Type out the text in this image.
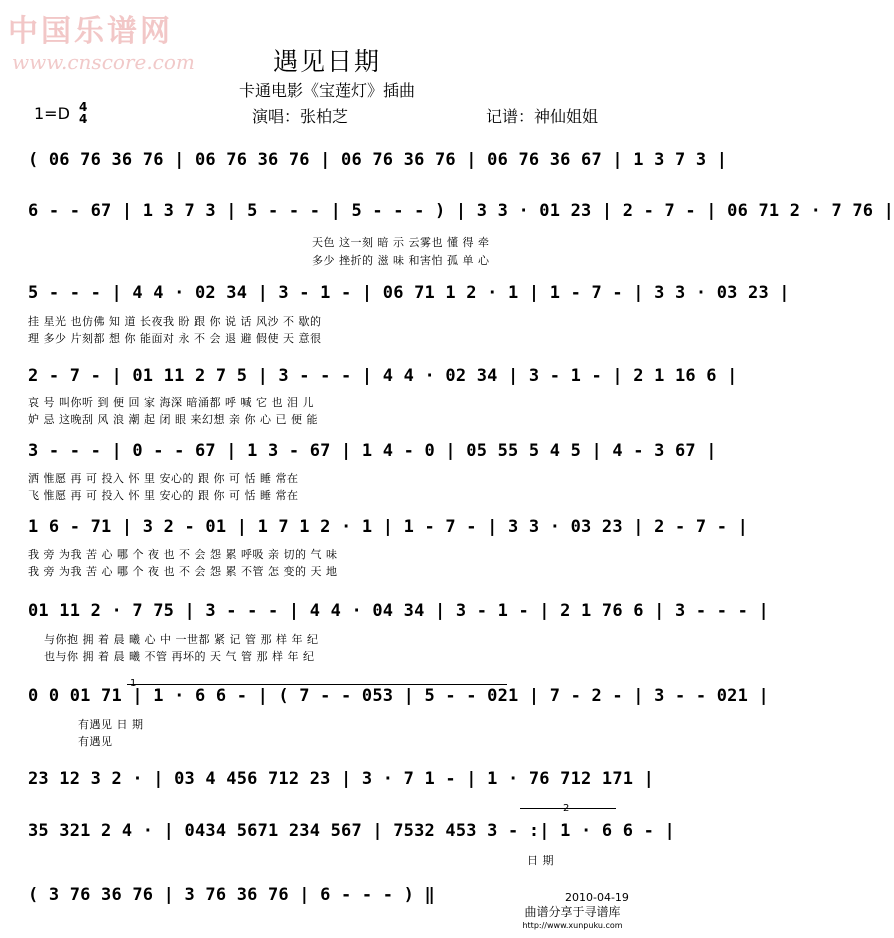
中国乐谱网
www.cnscore.com	遇见日期
卡通电影《宝莲灯》插曲
1=D 4
4	演唱：张柏芝	记谱：神仙姐姐
( 06 76 36 76 | 06 76 36 76 | 06 76 36 76 | 06 76 36 67 | 1 3 7 3 |
6 - - 67 | 1 3 7 3 | 5 - - - | 5 - - - ) | 3 3 · 01 23 | 2 - 7 - | 06 71 2 · 7 76 |
天色 这一刻 暗 示 云雾也 懂 得 牵
多少 挫折的 滋 味 和害怕 孤 单 心
5 - - - | 4 4 · 02 34 | 3 - 1 - | 06 71 1 2 · 1 | 1 - 7 - | 3 3 · 03 23 |
挂 星光 也仿佛 知 道 长夜我 盼 跟 你 说 话 风沙 不 歇的
理 多少 片刻都 想 你 能面对 永 不 会 退 避 假使 天 意很
2 - 7 - | 01 11 2 7 5 | 3 - - - | 4 4 · 02 34 | 3 - 1 - | 2 1 16 6 |
哀 号 叫你听 到 便 回 家 海深 暗涌都 呼 喊 它 也 泪 儿
妒 忌 这晚刮 风 浪 潮 起 闭 眼 来幻想 亲 你 心 已 便 能
3 - - - | 0 - - 67 | 1 3 - 67 | 1 4 - 0 | 05 55 5 4 5 | 4 - 3 67 |
洒 惟愿 再 可 投入 怀 里 安心的 跟 你 可 恬 睡 常在
飞 惟愿 再 可 投入 怀 里 安心的 跟 你 可 恬 睡 常在
1 6 - 71 | 3 2 - 01 | 1 7 1 2 · 1 | 1 - 7 - | 3 3 · 03 23 | 2 - 7 - |
我 旁 为我 苦 心 哪 个 夜 也 不 会 怨 累 呼吸 亲 切的 气 味
我 旁 为我 苦 心 哪 个 夜 也 不 会 怨 累 不管 怎 变的 天 地
01 11 2 · 7 75 | 3 - - - | 4 4 · 04 34 | 3 - 1 - | 2 1 76 6 | 3 - - - |
与你抱 拥 着 晨 曦 心 中 一世都 紧 记 管 那 样 年 纪
也与你 拥 着 晨 曦 不管 再坏的 天 气 管 那 样 年 纪
0 0 01 71 | 1 · 6 6 - | ( 7 - - 053 | 5 - - 021 | 7 - 2 - | 3 - - 021 |
有遇见 日 期
有遇见
23 12 3 2 · | 03 4 456 712 23 | 3 · 7 1 - | 1 · 76 712 171 |
35 321 2 4 · | 0434 5671 234 567 | 7532 453 3 - :| 1 · 6 6 - |
日 期
( 3 76 36 76 | 3 76 36 76 | 6 - - - ) ‖	2010-04-19
曲谱分享于寻谱库
http://www.xunpuku.com
